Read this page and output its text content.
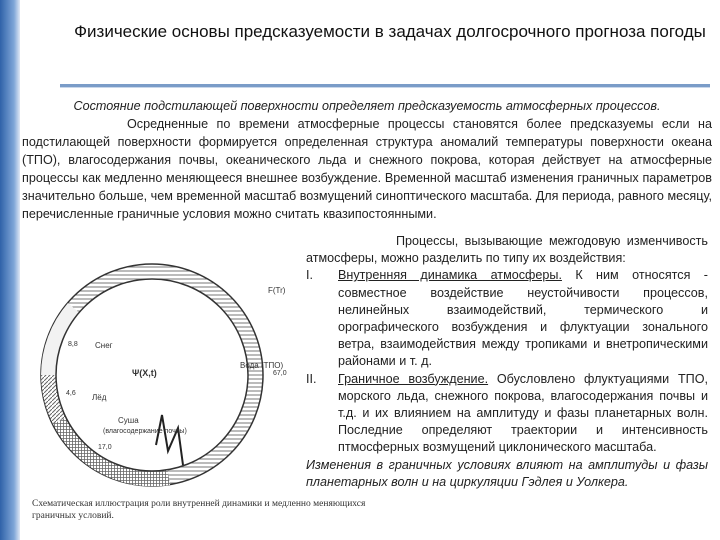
Физические основы предсказуемости в задачах долгосрочного прогноза погоды
Состояние подстилающей поверхности определяет предсказуемость атмосферных процессов.
Осредненные по времени атмосферные процессы становятся более предсказуемы если на подстилающей поверхности формируется определенная структура аномалий температуры поверхности океана (ТПО), влагосодержания почвы, океанического льда и снежного покрова, которая действует на атмосферные процессы как медленно меняющееся внешнее возбуждение. Временной масштаб изменения граничных параметров значительно больше, чем временной масштаб возмущений синоптического масштаба. Для периода, равного месяцу, перечисленные граничные условия можно считать квазипостоянными.
Процессы, вызывающие межгодовую изменчивость атмосферы, можно разделить по типу их воздействия:
I.	Внутренняя динамика атмосферы. К ним относятся - совместное воздействие неустойчивости процессов, нелинейных взаимодействий, термического и орографического возбуждения и флуктуации зонального ветра, взаимодействия между тропиками и внетропическими районами и т. д.
II.	Граничное возбуждение. Обусловлено флуктуациями ТПО, морского льда, снежного покрова, влагосодержания почвы и т.д. и их влиянием на амплитуду и фазы планетарных волн. Последние определяют траектории и интенсивность птмосферных возмущений циклонического масштаба.
Изменения в граничных условиях влияют на амплитуды и фазы планетарных волн и на циркуляции Гэдлея и Уолкера.
Ψ(X,t)
Снег
Лёд
Вода (ТПО)
Суша
(влагосодержание почвы)
F(Tr)
8,8
4,6
17,0
67,0
Схематическая иллюстрация роли внутренней динамики и медленно меняющихся граничных условий.
